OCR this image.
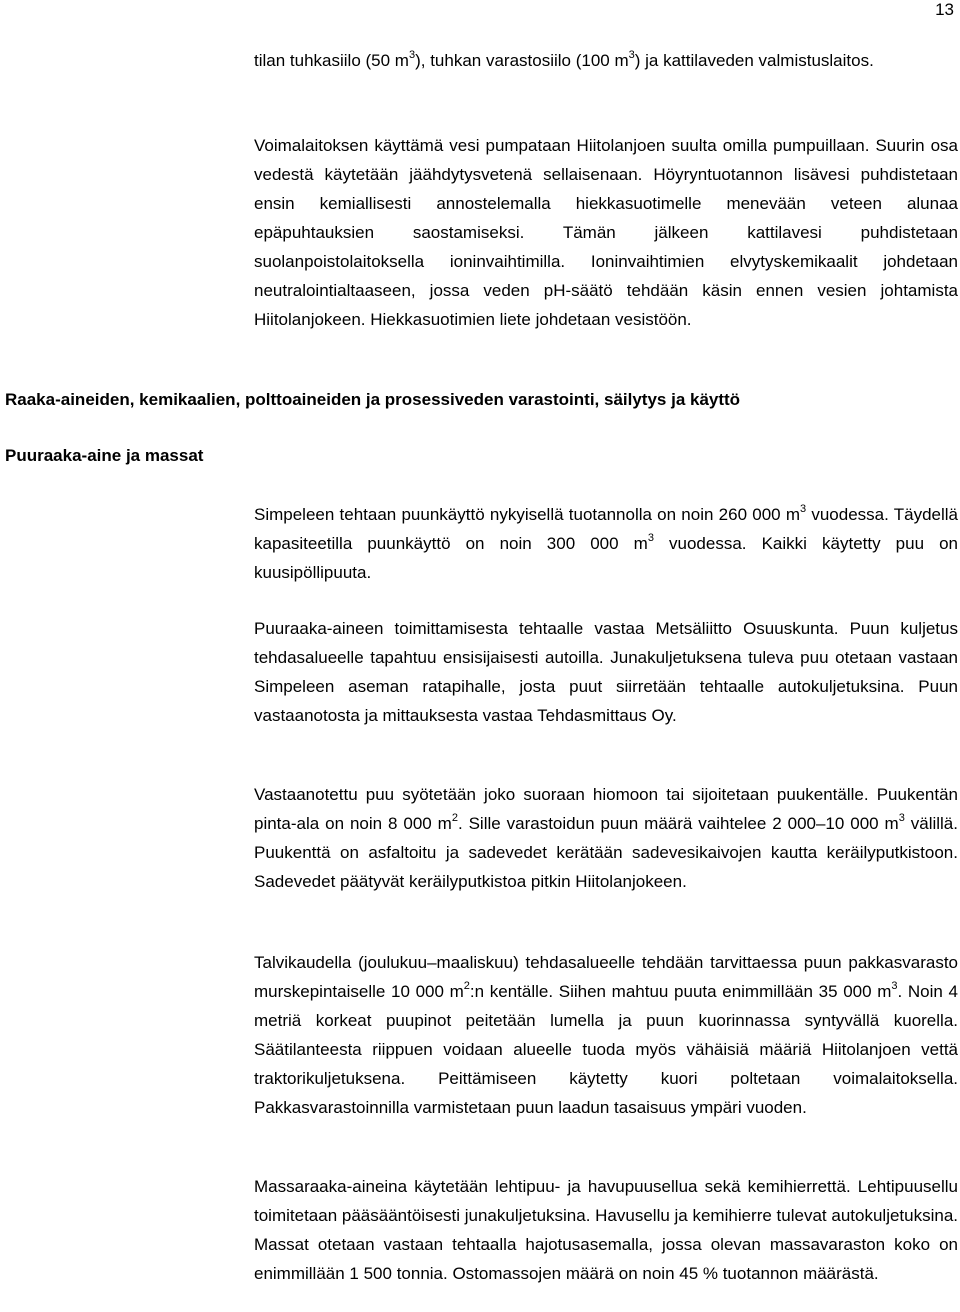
13

tilan tuhkasiilo (50 $m^3$), tuhkan varastosiilo (100 $m^3$) ja kattilaveden valmistuslaitos.

Voimalaitoksen käyttämä vesi pumpataan Hiitolanjoen suulta omilla pumpuillaan. Suurin osa vedestä käytetään jäähdytysvetenä sellaisenaan. Höyryntuotannon lisävesi puhdistetaan ensin kemiallisesti annostelemalla hiekkasuotimelle menevään veteen alunaa epäpuhtauksien saostamiseksi. Tämän jälkeen kattilavesi puhdistetaan suolanpoistolaitoksella ioninvaihtimilla. Ioninvaihtimien elvytyskemikaalit johdetaan neutralointialtaaseen, jossa veden pH-säätö tehdään käsin ennen vesien johtamista Hiitolanjokeen. Hiekkasuotimien liete johdetaan vesistöön.

Raaka-aineiden, kemikaalien, polttoaineiden ja prosessiveden varastointi, säilytys ja käyttö
Puuraaka-aine ja massat

Simpeleen tehtaan puunkäyttö nykyisellä tuotannolla on noin 260 000 $m^3$ vuodessa. Täydellä kapasiteetilla puunkäyttö on noin 300 000 $m^3$ vuodessa. Kaikki käytetty puu on kuusipöllipuuta.

Puuraaka-aineen toimittamisesta tehtaalle vastaa Metsäliitto Osuuskunta. Puun kuljetus tehdasalueelle tapahtuu ensisijaisesti autoilla. Junakuljetuksena tuleva puu otetaan vastaan Simpeleen aseman ratapihalle, josta puut siirretään tehtaalle autokuljetuksina. Puun vastaanotosta ja mittauksesta vastaa Tehdasmittaus Oy.

Vastaanotettu puu syötetään joko suoraan hiomoon tai sijoitetaan puukentälle. Puukentän pinta-ala on noin 8 000 $m^2$. Sille varastoidun puun määrä vaihtelee 2 000–10 000 $m^3$ välillä. Puukenttä on asfaltoitu ja sadevedet kerätään sadevesikaivojen kautta keräilyputkistoon. Sadevedet päätyvät keräilyputkistoa pitkin Hiitolanjokeen.

Talvikaudella (joulukuu–maaliskuu) tehdasalueelle tehdään tarvittaessa puun pakkasvarasto murskepintaiselle 10 000 $m^2:n$ kentälle. Siihen mahtuu puuta enimmillään 35 000 $m^3$. Noin 4 metriä korkeat puupinot peitetään lumella ja puun kuorinnassa syntyvällä kuorella. Säätilanteesta riippuen voidaan alueelle tuoda myös vähäisiä määriä Hiitolanjoen vettä traktorikuljetuksena. Peittämiseen käytetty kuori poltetaan voimalaitoksella. Pakkasvarastoinnilla varmistetaan puun laadun tasaisuus ympäri vuoden.

Massaraaka-aineina käytetään lehtipuu- ja havupuusellua sekä kemihierrettä. Lehtipuusellu toimitetaan pääsääntöisesti junakuljetuksina. Havusellu ja kemihierre tulevat autokuljetuksina. Massat otetaan vastaan tehtaalla hajotusasemalla, jossa olevan massavaraston koko on enimmillään 1 500 tonnia. Ostomassojen määrä on noin 45 % tuotannon määrästä.
